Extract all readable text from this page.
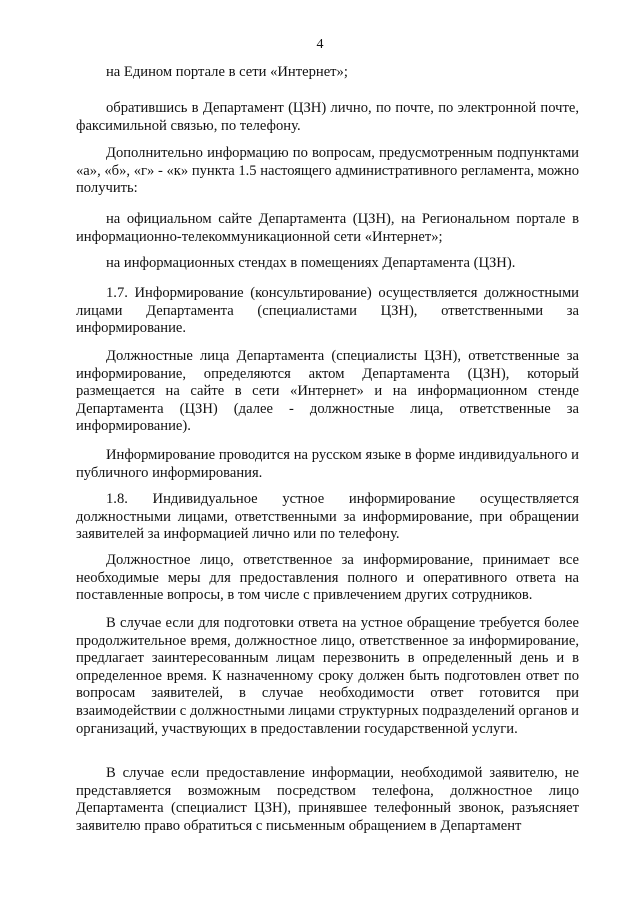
4

на Едином портале в сети «Интернет»;

обратившись в Департамент (ЦЗН) лично, по почте, по электронной почте, факсимильной связью, по телефону.

Дополнительно информацию по вопросам, предусмотренным подпунктами «а», «б», «г» - «к» пункта 1.5 настоящего административного регламента, можно получить:

на официальном сайте Департамента (ЦЗН), на Региональном портале в информационно-телекоммуникационной сети «Интернет»;

на информационных стендах в помещениях Департамента (ЦЗН).

1.7. Информирование (консультирование) осуществляется должностными лицами Департамента (специалистами ЦЗН), ответственными за информирование.

Должностные лица Департамента (специалисты ЦЗН), ответственные за информирование, определяются актом Департамента (ЦЗН), который размещается на сайте в сети «Интернет» и на информационном стенде Департамента (ЦЗН) (далее - должностные лица, ответственные за информирование).

Информирование проводится на русском языке в форме индивидуального и публичного информирования.

1.8. Индивидуальное устное информирование осуществляется должностными лицами, ответственными за информирование, при обращении заявителей за информацией лично или по телефону.

Должностное лицо, ответственное за информирование, принимает все необходимые меры для предоставления полного и оперативного ответа на поставленные вопросы, в том числе с привлечением других сотрудников.

В случае если для подготовки ответа на устное обращение требуется более продолжительное время, должностное лицо, ответственное за информирование, предлагает заинтересованным лицам перезвонить в определенный день и в определенное время. К назначенному сроку должен быть подготовлен ответ по вопросам заявителей, в случае необходимости ответ готовится при взаимодействии с должностными лицами структурных подразделений органов и организаций, участвующих в предоставлении государственной услуги.

В случае если предоставление информации, необходимой заявителю, не представляется возможным посредством телефона, должностное лицо Департамента (специалист ЦЗН), принявшее телефонный звонок, разъясняет заявителю право обратиться с письменным обращением в Департамент
